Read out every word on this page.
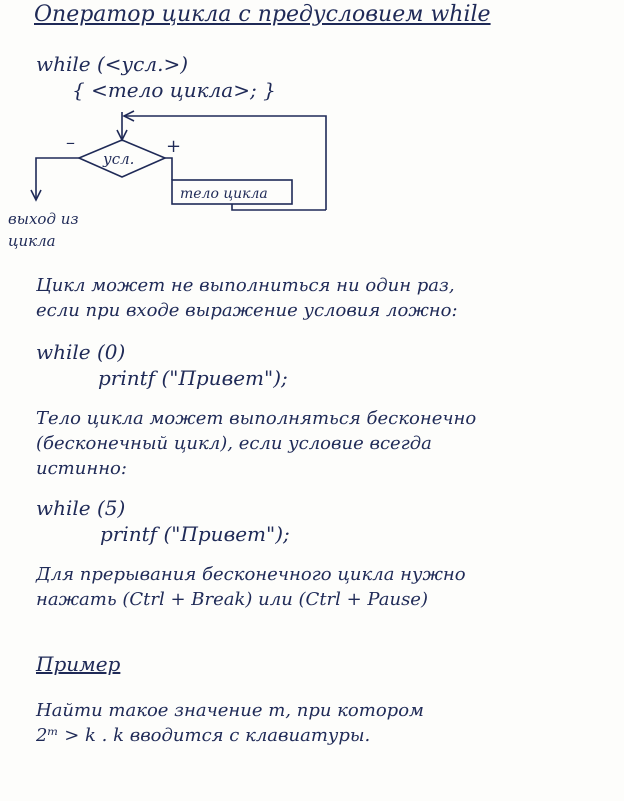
Оператор цикла с предусловием while
while (<усл.>)
{ <тело цикла>; }
усл.
тело цикла
–	+
выход из
цикла
Цикл может не выполниться ни один раз,
если при входе выражение условия ложно:
while (0)
printf ("Привет");
Тело цикла может выполняться бесконечно
(бесконечный цикл), если условие всегда
истинно:
while (5)
printf ("Привет");
Для прерывания бесконечного цикла нужно
нажать (Ctrl + Break) или (Ctrl + Pause)
Пример
Найти такое значение m, при котором
2ᵐ > k . k вводится с клавиатуры.
